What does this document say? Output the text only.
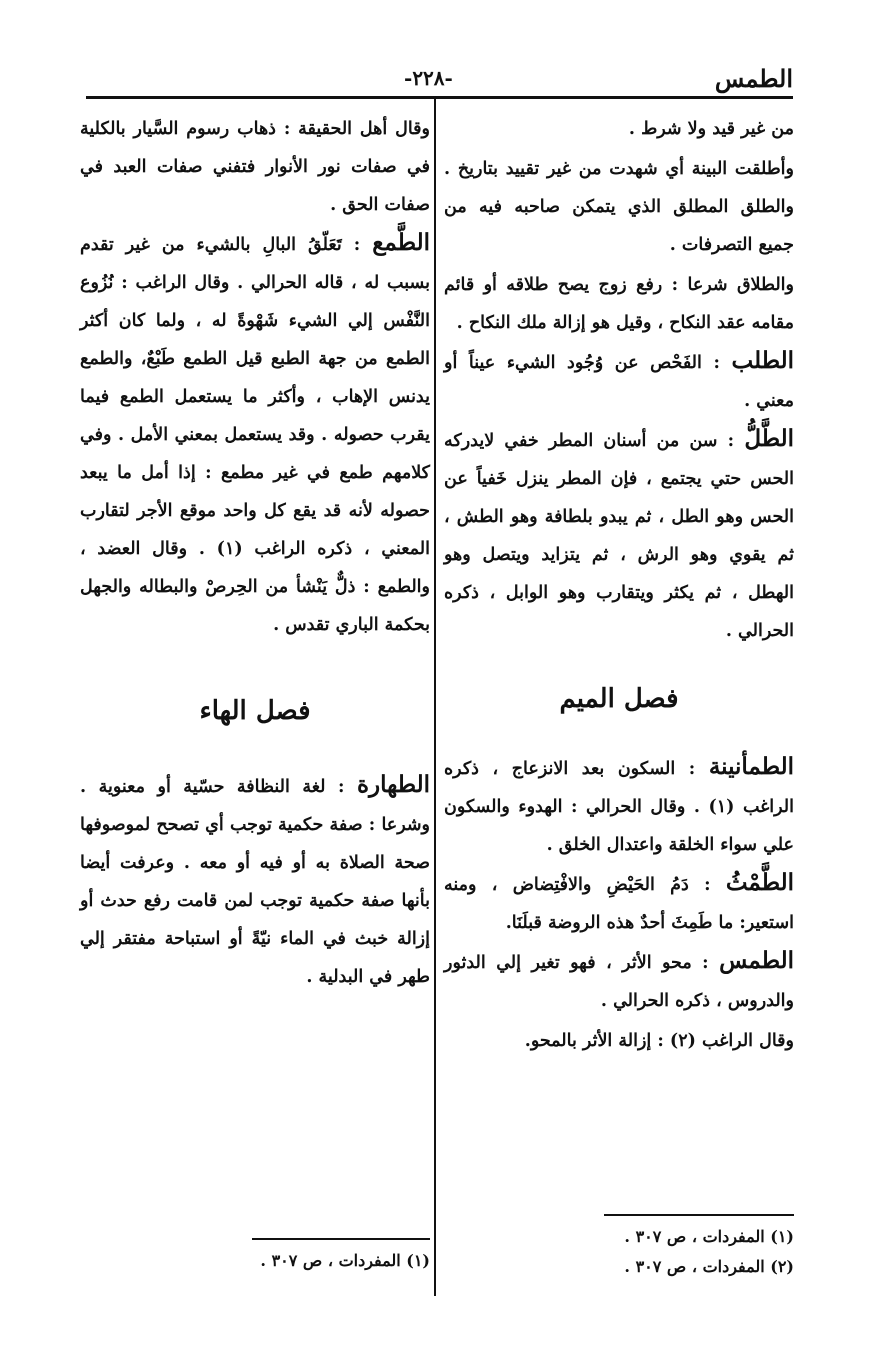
الطمس
-٢٢٨-

من غير قيد ولا شرط .

وأطلقت البينة أي شهدت من غير تقييد بتاريخ . والطلق المطلق الذي يتمكن صاحبه فيه من جميع التصرفات .

والطلاق شرعا : رفع زوج يصح طلاقه أو قائم مقامه عقد النكاح ، وقيل هو إزالة ملك النكاح .

الطلب : الفَحْص عن وُجُود الشيء عيناً أو معني .

الطَّلُّ : سن من أسنان المطر خفي لايدركه الحس حتي يجتمع ، فإن المطر ينزل خَفياً عن الحس وهو الطل ، ثم يبدو بلطافة وهو الطش ، ثم يقوي وهو الرش ، ثم يتزايد ويتصل وهو الهطل ، ثم يكثر ويتقارب وهو الوابل ، ذكره الحرالي .

فصل الميم

الطمأنينة : السكون بعد الانزعاج ، ذكره الراغب (١) . وقال الحرالي : الهدوء والسكون علي سواء الخلقة واعتدال الخلق .

الطَّمْثُ : دَمُ الحَيْضِ والافْتِضاض ، ومنه استعير: ما طَمِثَ أحدٌ هذه الروضة قبلَنَا.

الطمس : محو الأثر ، فهو تغير إلي الدثور والدروس ، ذكره الحرالي .

وقال الراغب (٢) : إزالة الأثر بالمحو.

(١) المفردات ، ص ٣٠٧ .

(٢) المفردات ، ص ٣٠٧ .

وقال أهل الحقيقة : ذهاب رسوم السَّيار بالكلية في صفات نور الأنوار فتفني صفات العبد في صفات الحق .

الطَّمع : تَعَلّقُ البالِ بالشيء من غير تقدم بسبب له ، قاله الحرالي . وقال الراغب : نُزُوع النَّفْس إلي الشيء شَهْوةً له ، ولما كان أكثر الطمع من جهة الطبع قيل الطمع طَبْعٌ، والطمع يدنس الإهاب ، وأكثر ما يستعمل الطمع فيما يقرب حصوله . وقد يستعمل بمعني الأمل . وفي كلامهم طمع في غير مطمع : إذا أمل ما يبعد حصوله لأنه قد يقع كل واحد موقع الأجر لتقارب المعني ، ذكره الراغب (١) . وقال العضد ، والطمع : ذلٌّ يَنْشأ من الحِرصْ والبطاله والجهل بحكمة الباري تقدس .

فصل الهاء

الطهارة : لغة النظافة حسّية أو معنوية . وشرعا : صفة حكمية توجب أي تصحح لموصوفها صحة الصلاة به أو فيه أو معه . وعرفت أيضا بأنها صفة حكمية توجب لمن قامت رفع حدث أو إزالة خبث في الماء نيّةً أو استباحة مفتقر إلي طهر في البدلية .

(١) المفردات ، ص ٣٠٧ .
